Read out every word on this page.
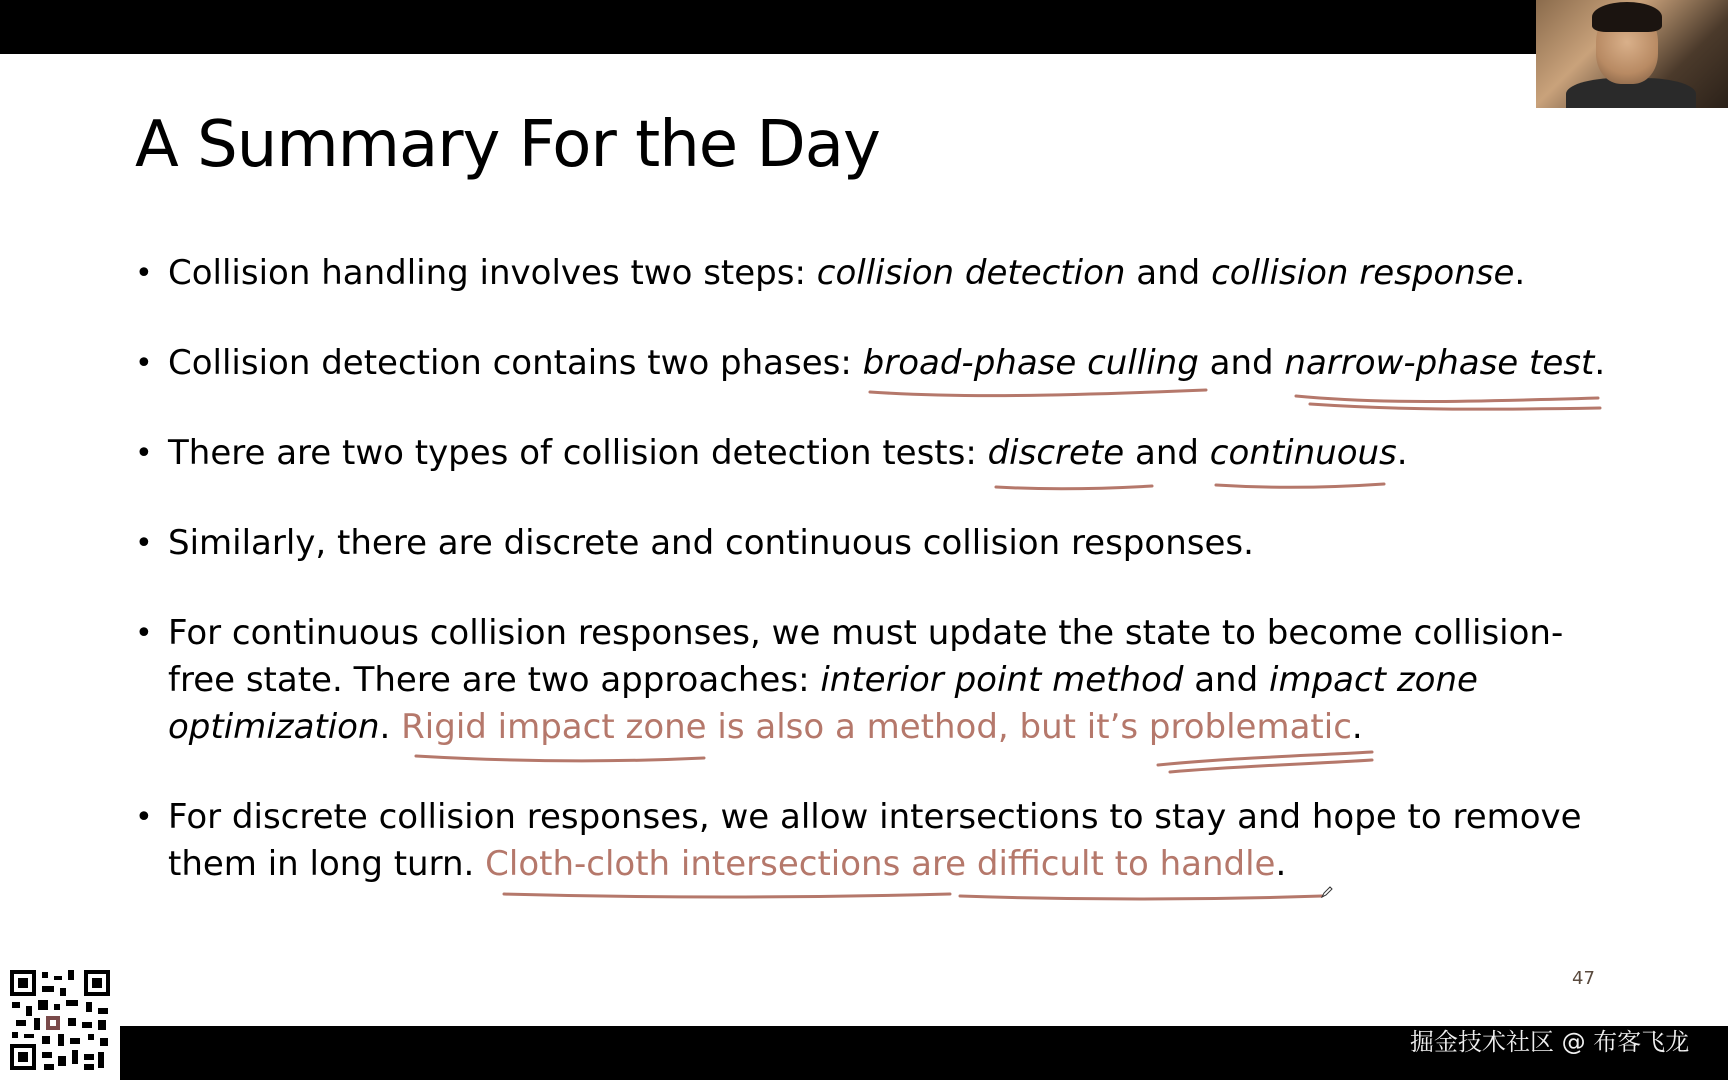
A Summary For the Day
• Collision handling involves two steps: collision detection and collision response.
• Collision detection contains two phases: broad-phase culling and narrow-phase test.
• There are two types of collision detection tests: discrete and continuous.
• Similarly, there are discrete and continuous collision responses.
• For continuous collision responses, we must update the state to become collision-free state. There are two approaches: interior point method and impact zone optimization. Rigid impact zone is also a method, but it’s problematic.
• For discrete collision responses, we allow intersections to stay and hope to remove them in long turn. Cloth-cloth intersections are difficult to handle.
47
掘金技术社区 @ 布客飞龙
